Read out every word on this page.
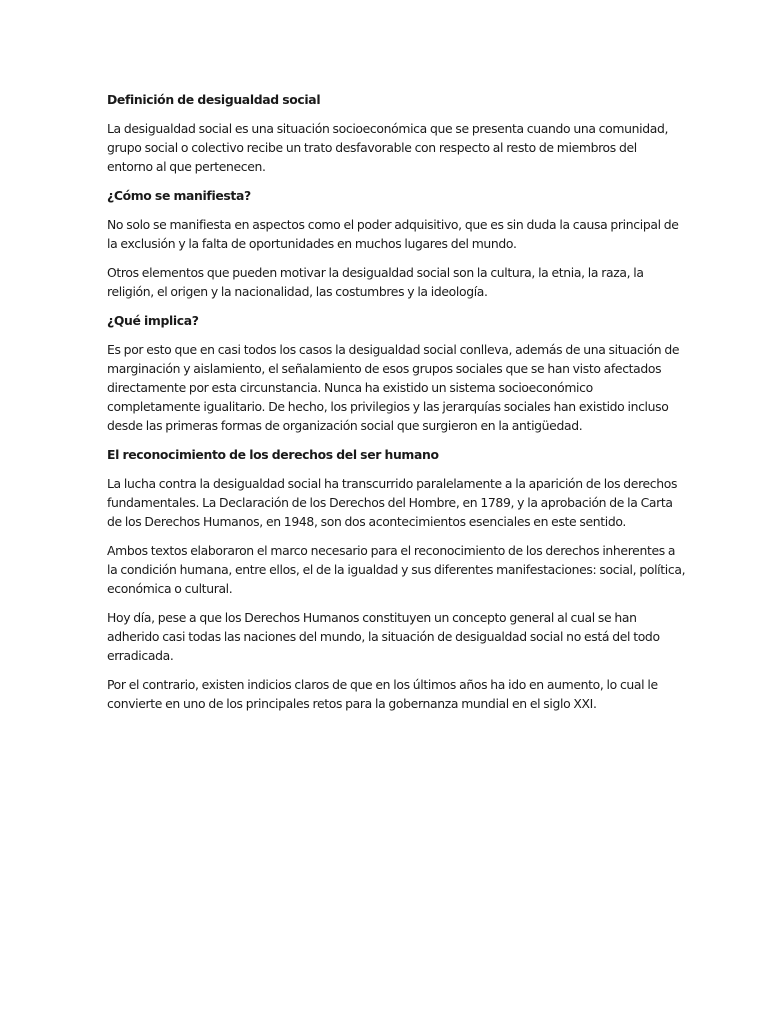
Definición de desigualdad social
La desigualdad social es una situación socioeconómica que se presenta cuando una comunidad,
grupo social o colectivo recibe un trato desfavorable con respecto al resto de miembros del
entorno al que pertenecen.
¿Cómo se manifiesta?
No solo se manifiesta en aspectos como el poder adquisitivo, que es sin duda la causa principal de
la exclusión y la falta de oportunidades en muchos lugares del mundo.
Otros elementos que pueden motivar la desigualdad social son la cultura, la etnia, la raza, la
religión, el origen y la nacionalidad, las costumbres y la ideología.
¿Qué implica?
Es por esto que en casi todos los casos la desigualdad social conlleva, además de una situación de
marginación y aislamiento, el señalamiento de esos grupos sociales que se han visto afectados
directamente por esta circunstancia. Nunca ha existido un sistema socioeconómico
completamente igualitario. De hecho, los privilegios y las jerarquías sociales han existido incluso
desde las primeras formas de organización social que surgieron en la antigüedad.
El reconocimiento de los derechos del ser humano
La lucha contra la desigualdad social ha transcurrido paralelamente a la aparición de los derechos
fundamentales. La Declaración de los Derechos del Hombre, en 1789, y la aprobación de la Carta
de los Derechos Humanos, en 1948, son dos acontecimientos esenciales en este sentido.
Ambos textos elaboraron el marco necesario para el reconocimiento de los derechos inherentes a
la condición humana, entre ellos, el de la igualdad y sus diferentes manifestaciones: social, política,
económica o cultural.
Hoy día, pese a que los Derechos Humanos constituyen un concepto general al cual se han
adherido casi todas las naciones del mundo, la situación de desigualdad social no está del todo
erradicada.
Por el contrario, existen indicios claros de que en los últimos años ha ido en aumento, lo cual le
convierte en uno de los principales retos para la gobernanza mundial en el siglo XXI.
